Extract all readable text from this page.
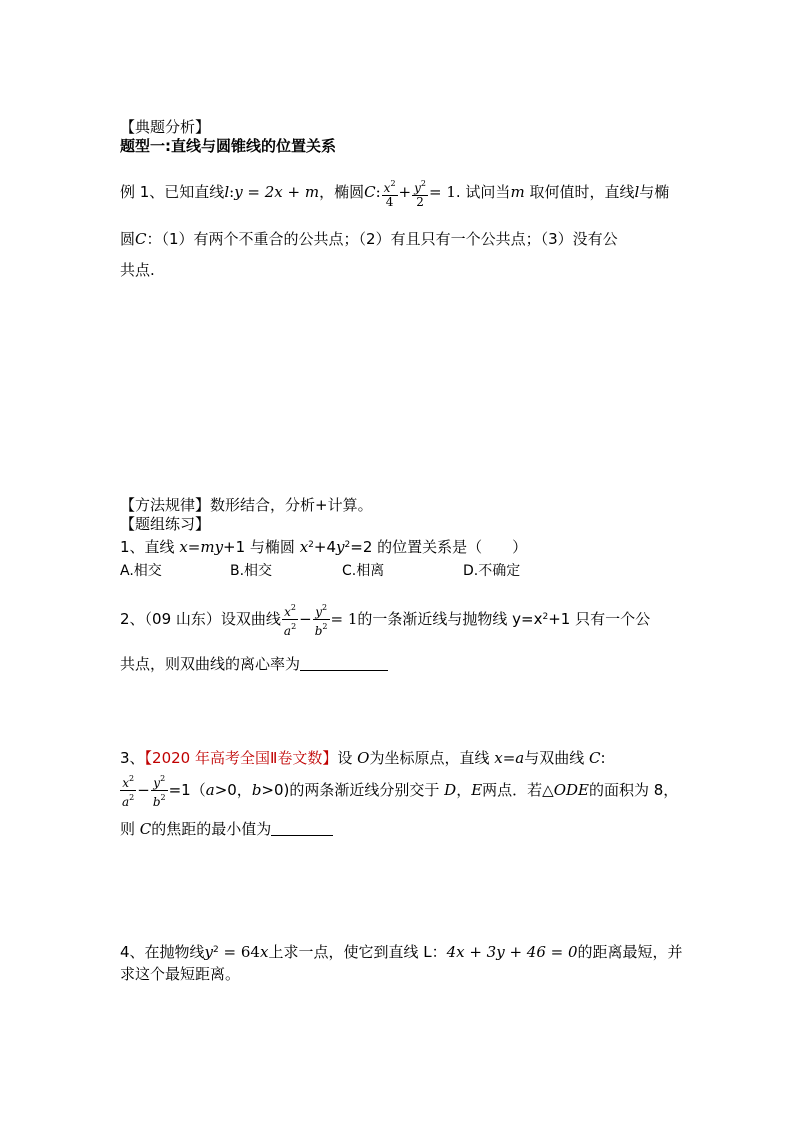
【典题分析】
题型一:直线与圆锥线的位置关系
例 1、已知直线l:y = 2x + m，椭圆C: $\frac{x^2}{4} + \frac{y^2}{2} = 1$. 试问当m 取何值时，直线l与椭
圆C：（1）有两个不重合的公共点；（2）有且只有一个公共点；（3）没有公
共点.
【方法规律】数形结合，分析+计算。
【题组练习】
1、直线 x=my+1 与椭圆 $x^2+4y^2=2$ 的位置关系是（　　）
A.相交	B.相交	C.相离	D.不确定
2、（09 山东）设双曲线 $\frac{x^2}{a^2} - \frac{y^2}{b^2} = 1$的一条渐近线与抛物线 $y=x^2+1$ 只有一个公
共点，则双曲线的离心率为
3、【2020 年高考全国Ⅱ卷文数】设 O为坐标原点，直线 x=a与双曲线 C:
$\frac{x^2}{a^2} - \frac{y^2}{b^2} =1(a>0$，b>0)的两条渐近线分别交于 D，E两点．若△ODE的面积为 8，
则 C的焦距的最小值为
4、在抛物线$y^2 = 64x$上求一点，使它到直线 L：4x + 3y + 46 = 0的距离最短，并
求这个最短距离。
